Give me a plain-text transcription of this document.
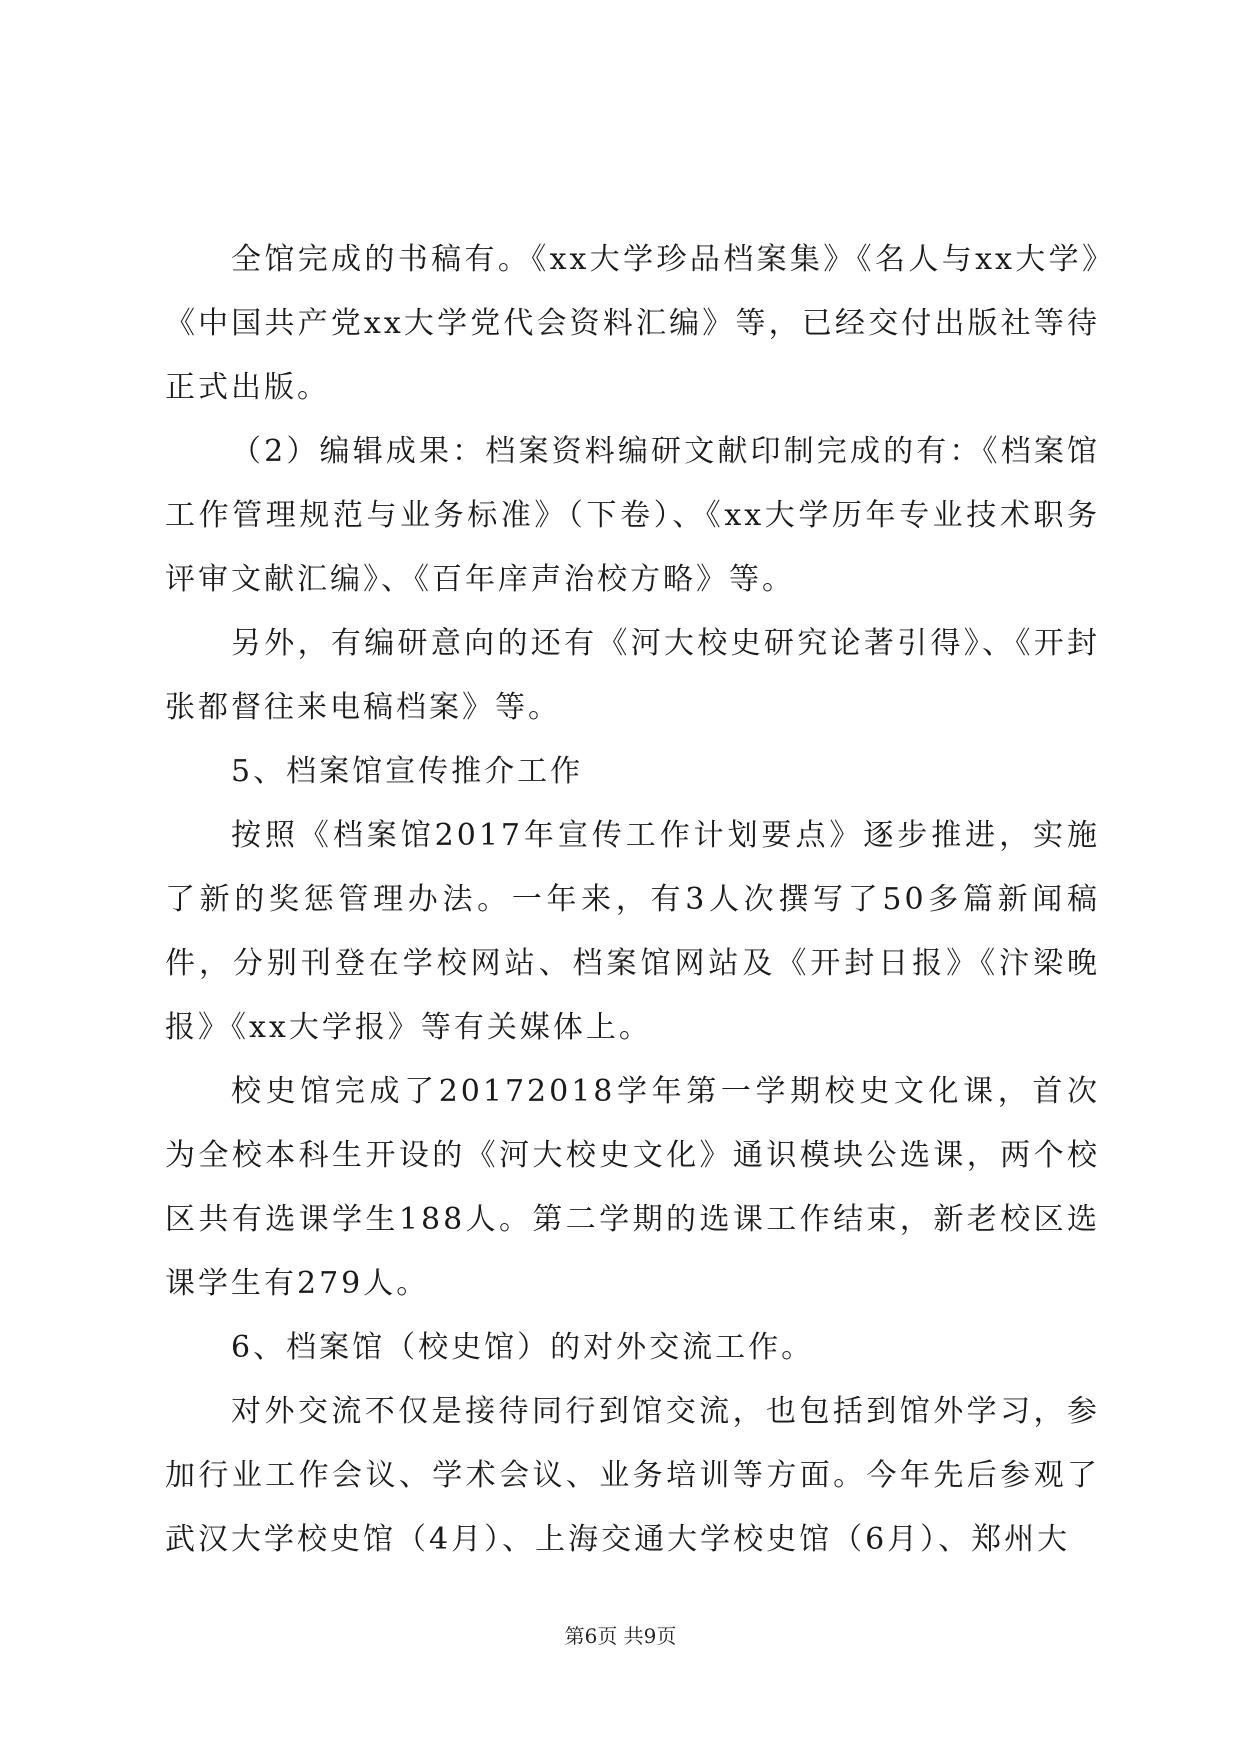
全馆完成的书稿有。《xx大学珍品档案集》《名人与xx大学》《中国共产党xx大学党代会资料汇编》等，已经交付出版社等待正式出版。

（2）编辑成果：档案资料编研文献印制完成的有：《档案馆工作管理规范与业务标准》（下卷）、《xx大学历年专业技术职务评审文献汇编》、《百年庠声治校方略》等。

另外，有编研意向的还有《河大校史研究论著引得》、《开封张都督往来电稿档案》等。

5、档案馆宣传推介工作

按照《档案馆2017年宣传工作计划要点》逐步推进，实施了新的奖惩管理办法。一年来，有3人次撰写了50多篇新闻稿件，分别刊登在学校网站、档案馆网站及《开封日报》《汴梁晚报》《xx大学报》等有关媒体上。

校史馆完成了20172018学年第一学期校史文化课，首次为全校本科生开设的《河大校史文化》通识模块公选课，两个校区共有选课学生188人。第二学期的选课工作结束，新老校区选课学生有279人。

6、档案馆（校史馆）的对外交流工作。

对外交流不仅是接待同行到馆交流，也包括到馆外学习，参加行业工作会议、学术会议、业务培训等方面。今年先后参观了武汉大学校史馆（4月）、上海交通大学校史馆（6月）、郑州大

第6页 共9页
